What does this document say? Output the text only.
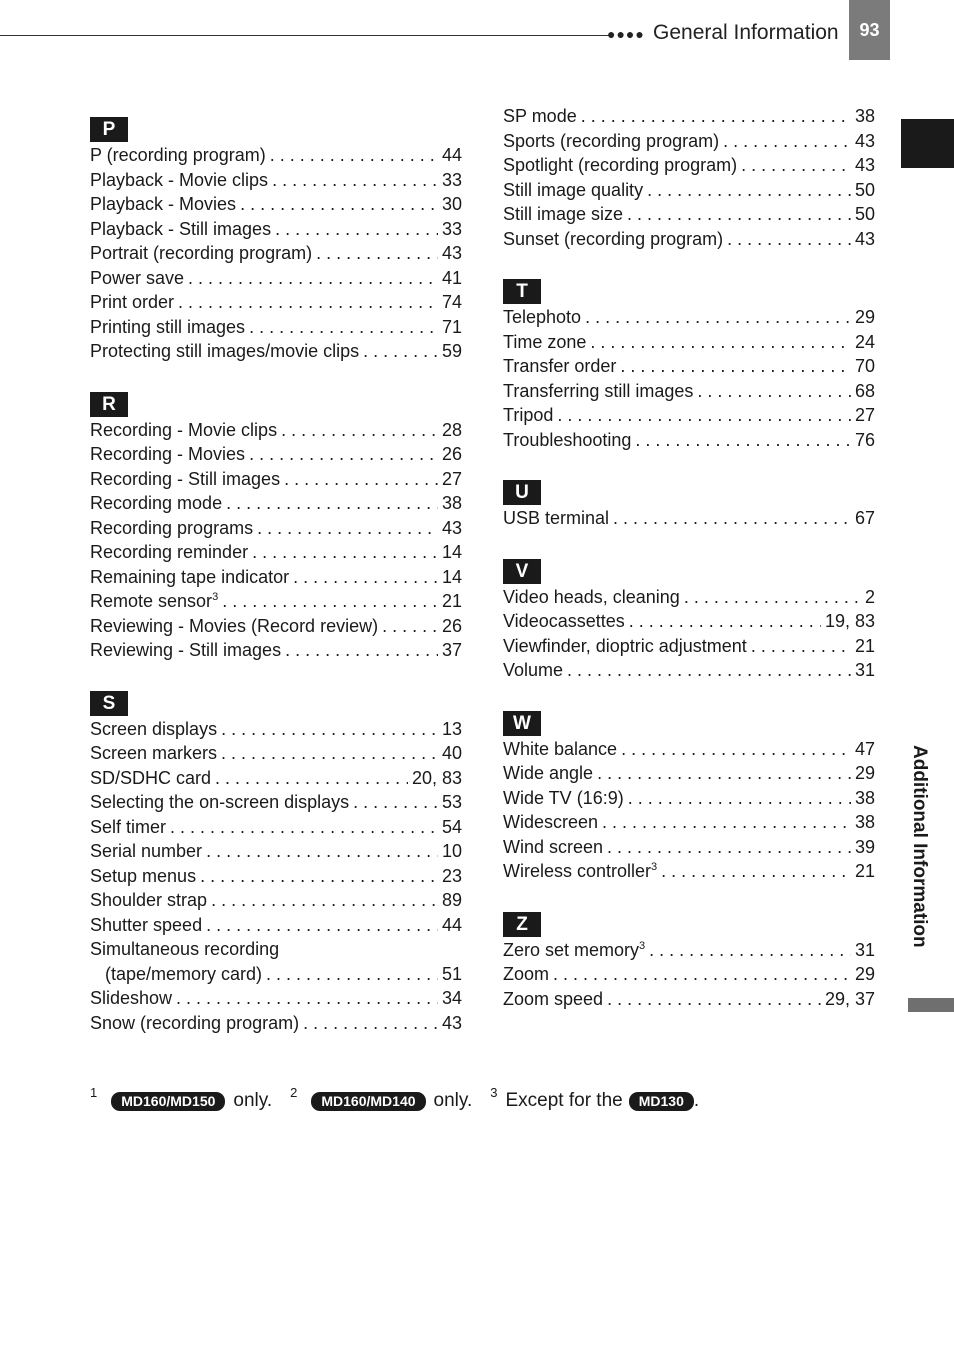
●●●● General Information	93
Additional Information
P
P (recording program) . . .	44
Playback - Movie clips . . .	33
Playback - Movies . . .	30
Playback - Still images . . .	33
Portrait (recording program) . . .	43
Power save . . .	41
Print order . . .	74
Printing still images . . .	71
Protecting still images/movie clips . . .	59
R
Recording - Movie clips . . .	28
Recording - Movies . . .	26
Recording - Still images . . .	27
Recording mode . . .	38
Recording programs . . .	43
Recording reminder . . .	14
Remaining tape indicator . . .	14
Remote sensor$^3$ . . .	21
Reviewing - Movies (Record review) . . .	26
Reviewing - Still images . . .	37
S
Screen displays . . .	13
Screen markers . . .	40
SD/SDHC card . . .	20, 83
Selecting the on-screen displays . . .	53
Self timer . . .	54
Serial number . . .	10
Setup menus . . .	23
Shoulder strap . . .	89
Shutter speed . . .	44
Simultaneous recording
(tape/memory card) . . .	51
Slideshow . . .	34
Snow (recording program) . . .	43
SP mode . . .	38
Sports (recording program) . . .	43
Spotlight (recording program) . . .	43
Still image quality . . .	50
Still image size . . .	50
Sunset (recording program) . . .	43
T
Telephoto . . .	29
Time zone . . .	24
Transfer order . . .	70
Transferring still images . . .	68
Tripod . . .	27
Troubleshooting . . .	76
U
USB terminal . . .	67
V
Video heads, cleaning . . .	2
Videocassettes . . .	19, 83
Viewfinder, dioptric adjustment . . .	21
Volume . . .	31
W
White balance . . .	47
Wide angle . . .	29
Wide TV (16:9) . . .	38
Widescreen . . .	38
Wind screen . . .	39
Wireless controller$^3$ . . .	21
Z
Zero set memory$^3$ . . .	31
Zoom . . .	29
Zoom speed . . .	29, 37
$^1$MD160/MD150 only. $^2$MD160/MD140 only. $^3$ Except for the MD130 .
